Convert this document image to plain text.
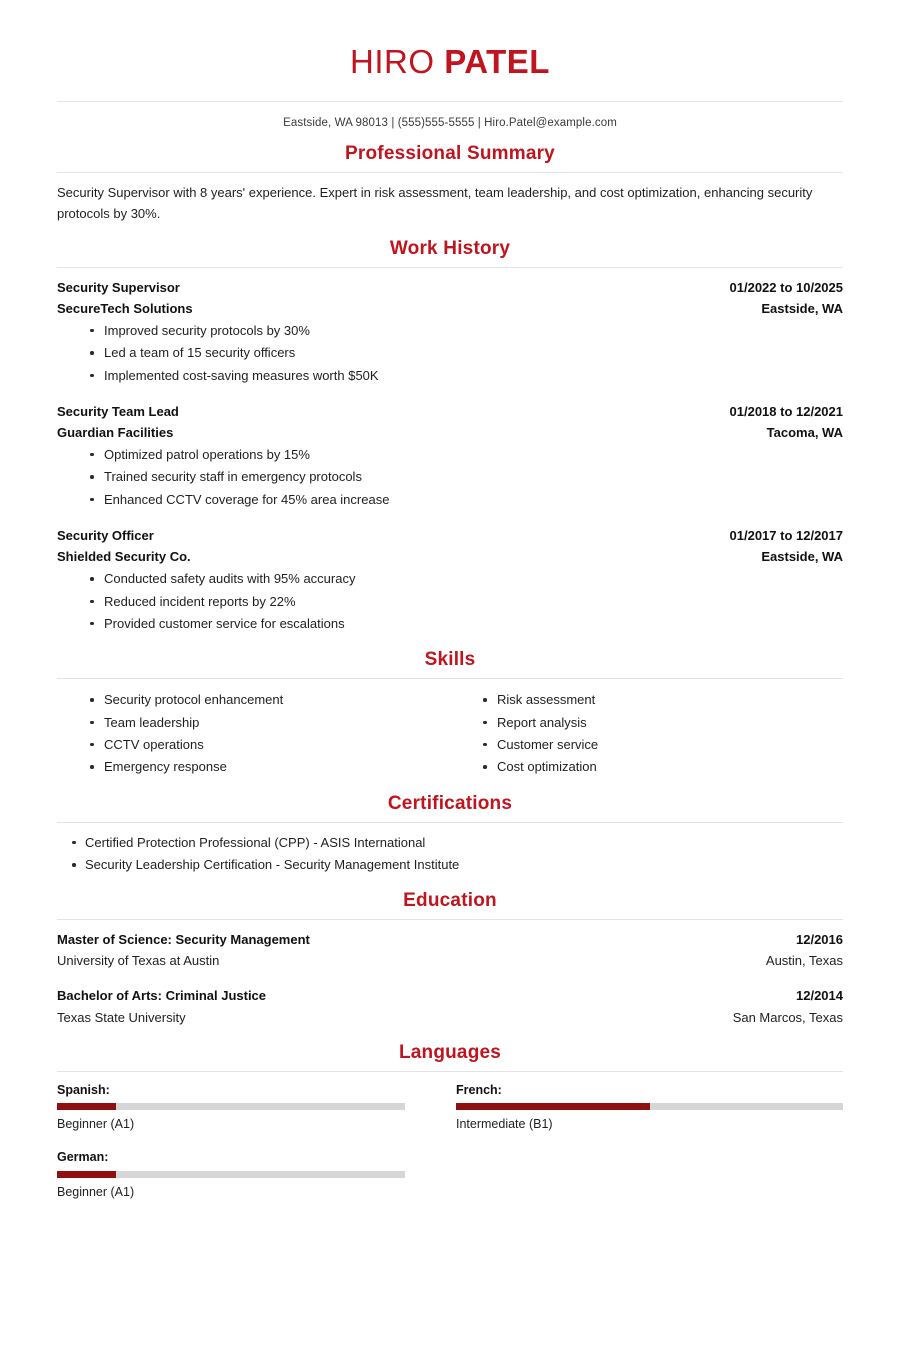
HIRO PATEL
Eastside, WA 98013 | (555)555-5555 | Hiro.Patel@example.com
Professional Summary

Security Supervisor with 8 years' experience. Expert in risk assessment, team leadership, and cost optimization, enhancing security protocols by 30%.

Work History
Security Supervisor	01/2022 to 10/2025
SecureTech Solutions	Eastside, WA
Improved security protocols by 30%
Led a team of 15 security officers
Implemented cost-saving measures worth $50K
Security Team Lead	01/2018 to 12/2021
Guardian Facilities	Tacoma, WA
Optimized patrol operations by 15%
Trained security staff in emergency protocols
Enhanced CCTV coverage for 45% area increase
Security Officer	01/2017 to 12/2017
Shielded Security Co.	Eastside, WA
Conducted safety audits with 95% accuracy
Reduced incident reports by 22%
Provided customer service for escalations
Skills
Security protocol enhancement
Team leadership
CCTV operations
Emergency response
Risk assessment
Report analysis
Customer service
Cost optimization
Certifications
Certified Protection Professional (CPP) - ASIS International
Security Leadership Certification - Security Management Institute
Education
Master of Science: Security Management	12/2016
University of Texas at Austin	Austin, Texas
Bachelor of Arts: Criminal Justice	12/2014
Texas State University	San Marcos, Texas
Languages
Spanish:
Beginner (A1)
French:
Intermediate (B1)
German:
Beginner (A1)
